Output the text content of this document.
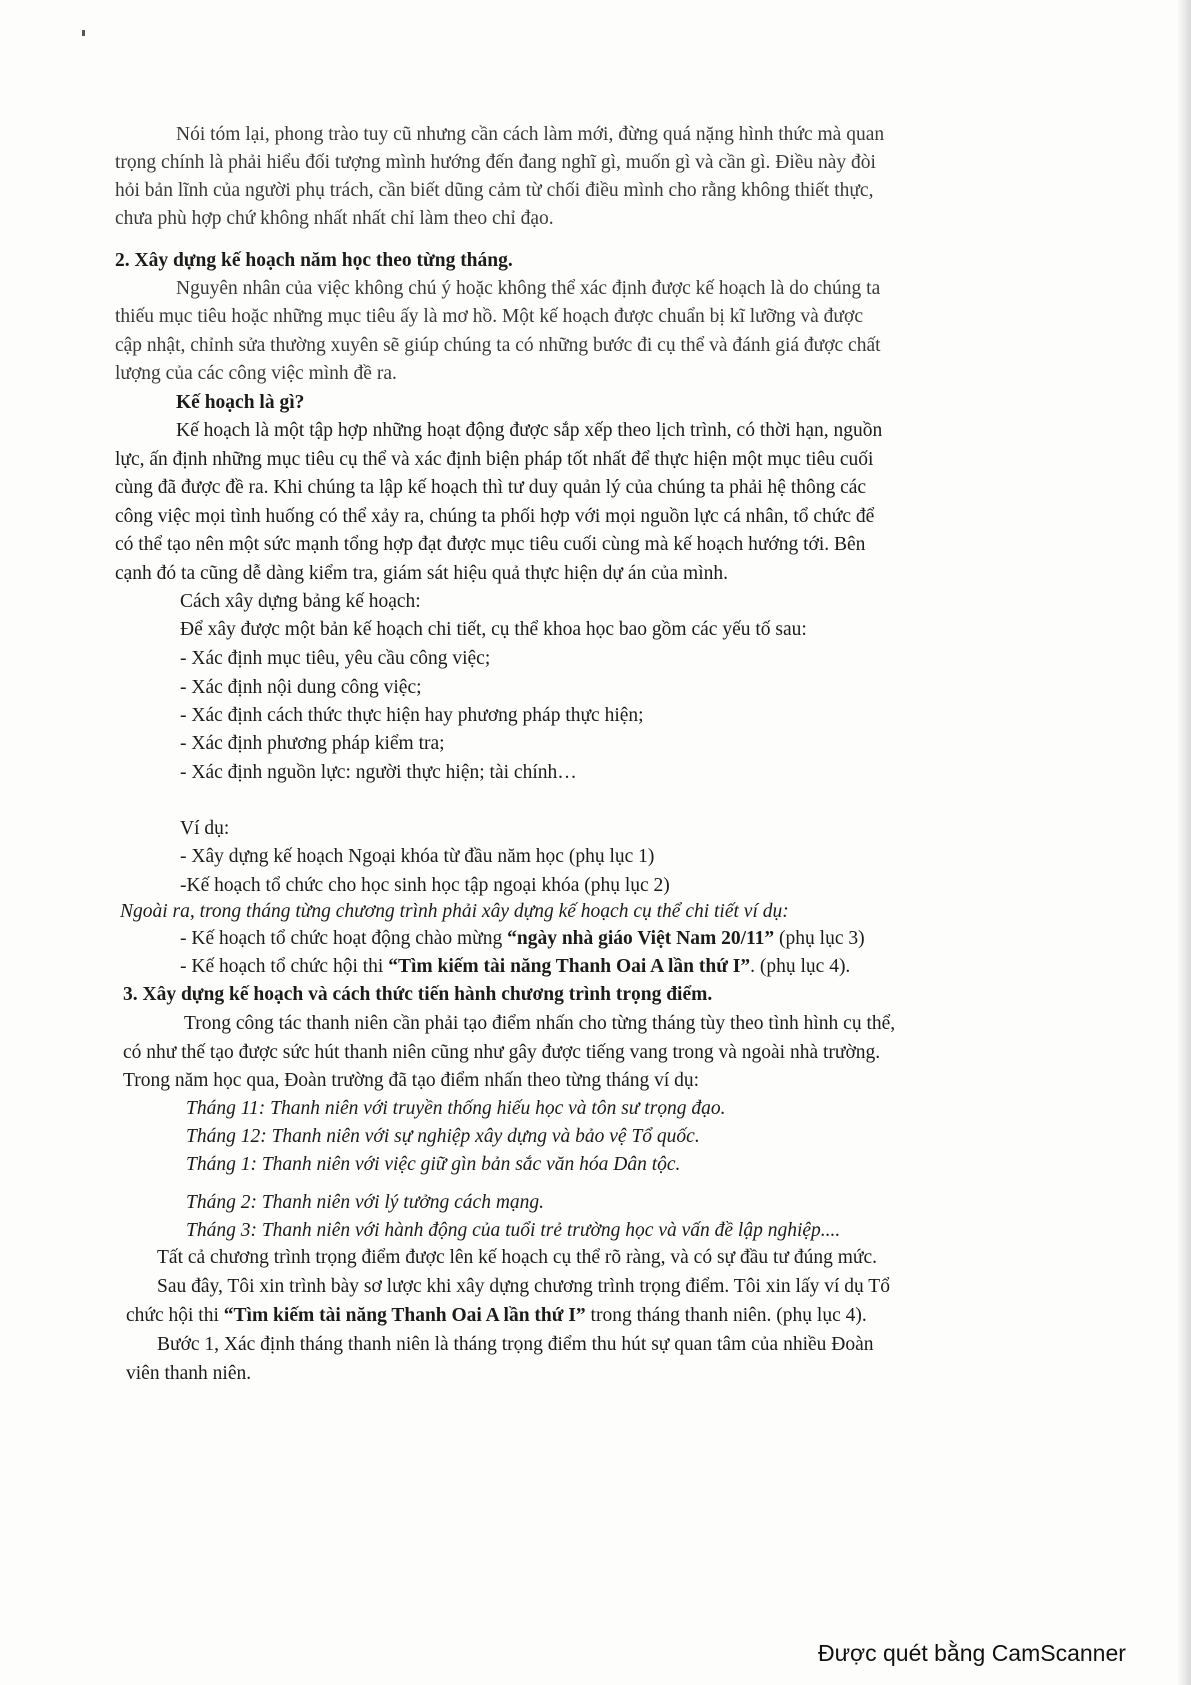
Nói tóm lại, phong trào tuy cũ nhưng cần cách làm mới, đừng quá nặng hình thức mà quan
trọng chính là phải hiểu đối tượng mình hướng đến đang nghĩ gì, muốn gì và cần gì. Điều này đòi
hỏi bản lĩnh của người phụ trách, cần biết dũng cảm từ chối điều mình cho rằng không thiết thực,
chưa phù hợp chứ không nhất nhất chỉ làm theo chỉ đạo.
2. Xây dựng kế hoạch năm học theo từng tháng.
Nguyên nhân của việc không chú ý hoặc không thể xác định được kế hoạch là do chúng ta
thiếu mục tiêu hoặc những mục tiêu ấy là mơ hồ. Một kế hoạch được chuẩn bị kĩ lưỡng và được
cập nhật, chỉnh sửa thường xuyên sẽ giúp chúng ta có những bước đi cụ thể và đánh giá được chất
lượng của các công việc mình đề ra.
Kế hoạch là gì?
Kế hoạch là một tập hợp những hoạt động được sắp xếp theo lịch trình, có thời hạn, nguồn
lực, ấn định những mục tiêu cụ thể và xác định biện pháp tốt nhất để thực hiện một mục tiêu cuối
cùng đã được đề ra. Khi chúng ta lập kế hoạch thì tư duy quản lý của chúng ta phải hệ thông các
công việc mọi tình huống có thể xảy ra, chúng ta phối hợp với mọi nguồn lực cá nhân, tổ chức để
có thể tạo nên một sức mạnh tổng hợp đạt được mục tiêu cuối cùng mà kế hoạch hướng tới. Bên
cạnh đó ta cũng dễ dàng kiểm tra, giám sát hiệu quả thực hiện dự án của mình.
Cách xây dựng bảng kế hoạch:
Để xây được một bản kế hoạch chi tiết, cụ thể khoa học bao gồm các yếu tố sau:
- Xác định mục tiêu, yêu cầu công việc;
- Xác định nội dung công việc;
- Xác định cách thức thực hiện hay phương pháp thực hiện;
- Xác định phương pháp kiểm tra;
- Xác định nguồn lực: người thực hiện; tài chính…
Ví dụ:
- Xây dựng kế hoạch Ngoại khóa từ đầu năm học (phụ lục 1)
-Kế hoạch tổ chức cho học sinh học tập ngoại khóa (phụ lục 2)
Ngoài ra, trong tháng từng chương trình phải xây dựng kế hoạch cụ thể chi tiết ví dụ:
- Kế hoạch tổ chức hoạt động chào mừng “ngày nhà giáo Việt Nam 20/11” (phụ lục 3)
- Kế hoạch tổ chức hội thi “Tìm kiếm tài năng Thanh Oai A lần thứ I”. (phụ lục 4).
3. Xây dựng kế hoạch và cách thức tiến hành chương trình trọng điểm.
Trong công tác thanh niên cần phải tạo điểm nhấn cho từng tháng tùy theo tình hình cụ thể,
có như thế tạo được sức hút thanh niên cũng như gây được tiếng vang trong và ngoài nhà trường.
Trong năm học qua, Đoàn trường đã tạo điểm nhấn theo từng tháng ví dụ:
Tháng 11: Thanh niên với truyền thống hiếu học và tôn sư trọng đạo.
Tháng 12: Thanh niên với sự nghiệp xây dựng và bảo vệ Tổ quốc.
Tháng 1: Thanh niên với việc giữ gìn bản sắc văn hóa Dân tộc.
Tháng 2: Thanh niên với lý tưởng cách mạng.
Tháng 3: Thanh niên với hành động của tuổi trẻ trường học và vấn đề lập nghiệp....
Tất cả chương trình trọng điểm được lên kế hoạch cụ thể rõ ràng, và có sự đầu tư đúng mức.
Sau đây, Tôi xin trình bày sơ lược khi xây dựng chương trình trọng điểm. Tôi xin lấy ví dụ Tổ
chức hội thi “Tìm kiếm tài năng Thanh Oai A lần thứ I” trong tháng thanh niên. (phụ lục 4).
Bước 1, Xác định tháng thanh niên là tháng trọng điểm thu hút sự quan tâm của nhiều Đoàn
viên thanh niên.
Được quét bằng CamScanner
